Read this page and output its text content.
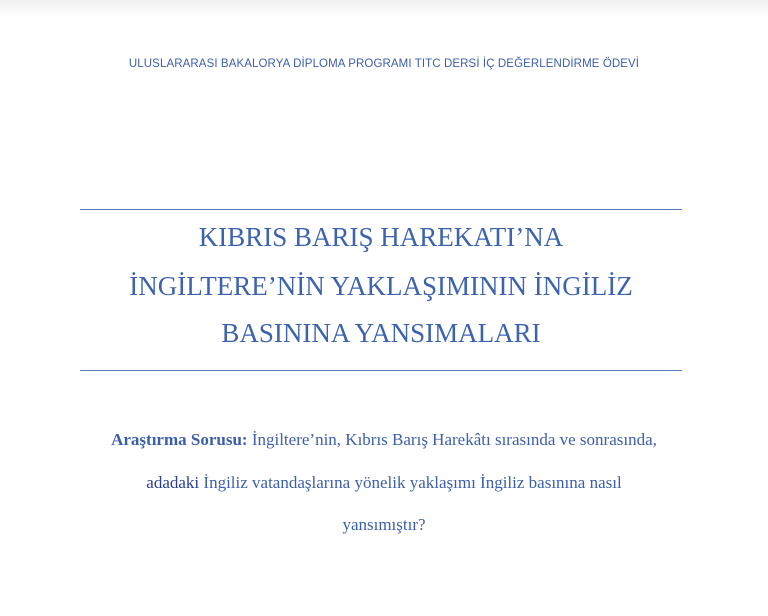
ULUSLARARASI BAKALORYA DİPLOMA PROGRAMI TITC DERSİ İÇ DEĞERLENDİRME ÖDEVİ
KIBRIS BARIŞ HAREKATI’NA
İNGİLTERE’NİN YAKLAŞIMININ İNGİLİZ
BASININA YANSIMALARI
Araştırma Sorusu: İngiltere’nin, Kıbrıs Barış Harekâtı sırasında ve sonrasında,
adadaki İngiliz vatandaşlarına yönelik yaklaşımı İngiliz basınına nasıl
yansımıştır?
